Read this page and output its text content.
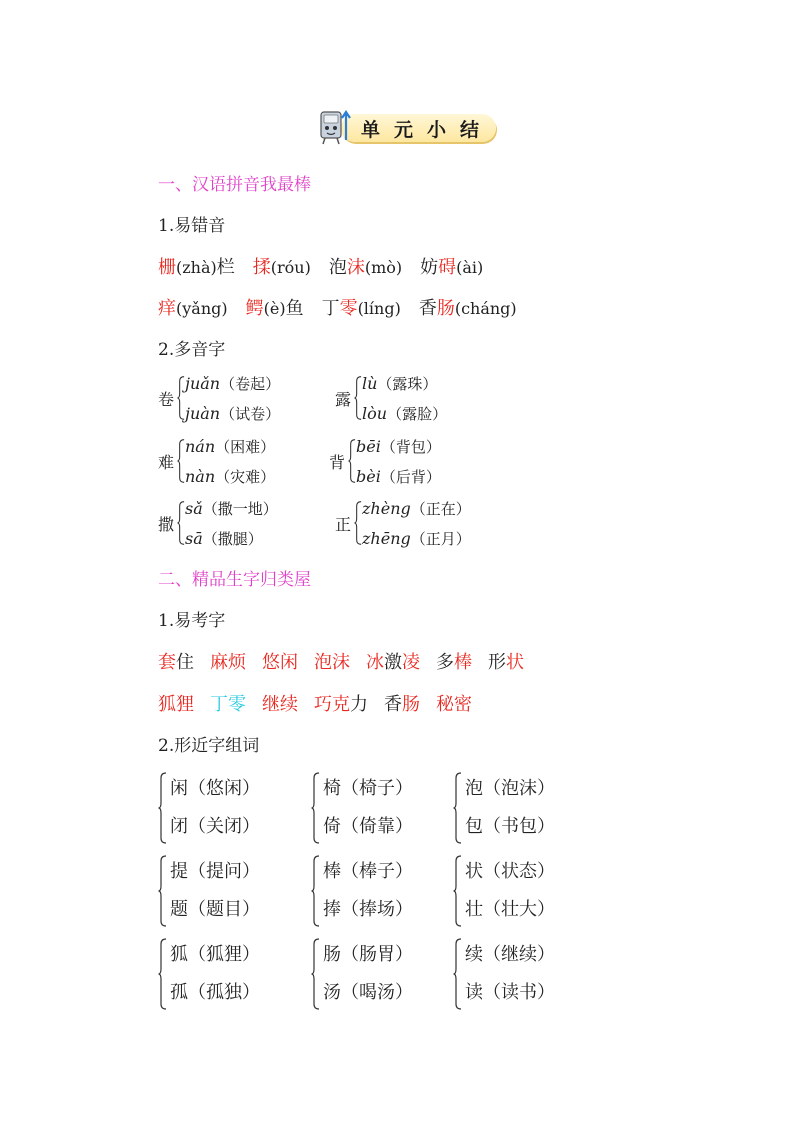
单元小结
一、汉语拼音我最棒
1.易错音
栅(zhà)栏 揉(róu) 泡沫(mò) 妨碍(ài)
痒(yǎng) 鳄(è)鱼 丁零(líng) 香肠(cháng)
2.多音字
卷
juǎn（卷起）
juàn（试卷）
露
lù（露珠）
lòu（露脸）
难
nán（困难）
nàn（灾难）
背
bēi（背包）
bèi（后背）
撒
sǎ（撒一地）
sā（撒腿）
正
zhèng（正在）
zhēng（正月）
二、精品生字归类屋
1.易考字
套住 麻烦 悠闲 泡沫 冰激凌 多棒 形状
狐狸 丁零 继续 巧克力 香肠 秘密
2.形近字组词
闲（悠闲）
闭（关闭）
椅（椅子）
倚（倚靠）
泡（泡沫）
包（书包）
提（提问）
题（题目）
棒（棒子）
捧（捧场）
状（状态）
壮（壮大）
狐（狐狸）
孤（孤独）
肠（肠胃）
汤（喝汤）
续（继续）
读（读书）
